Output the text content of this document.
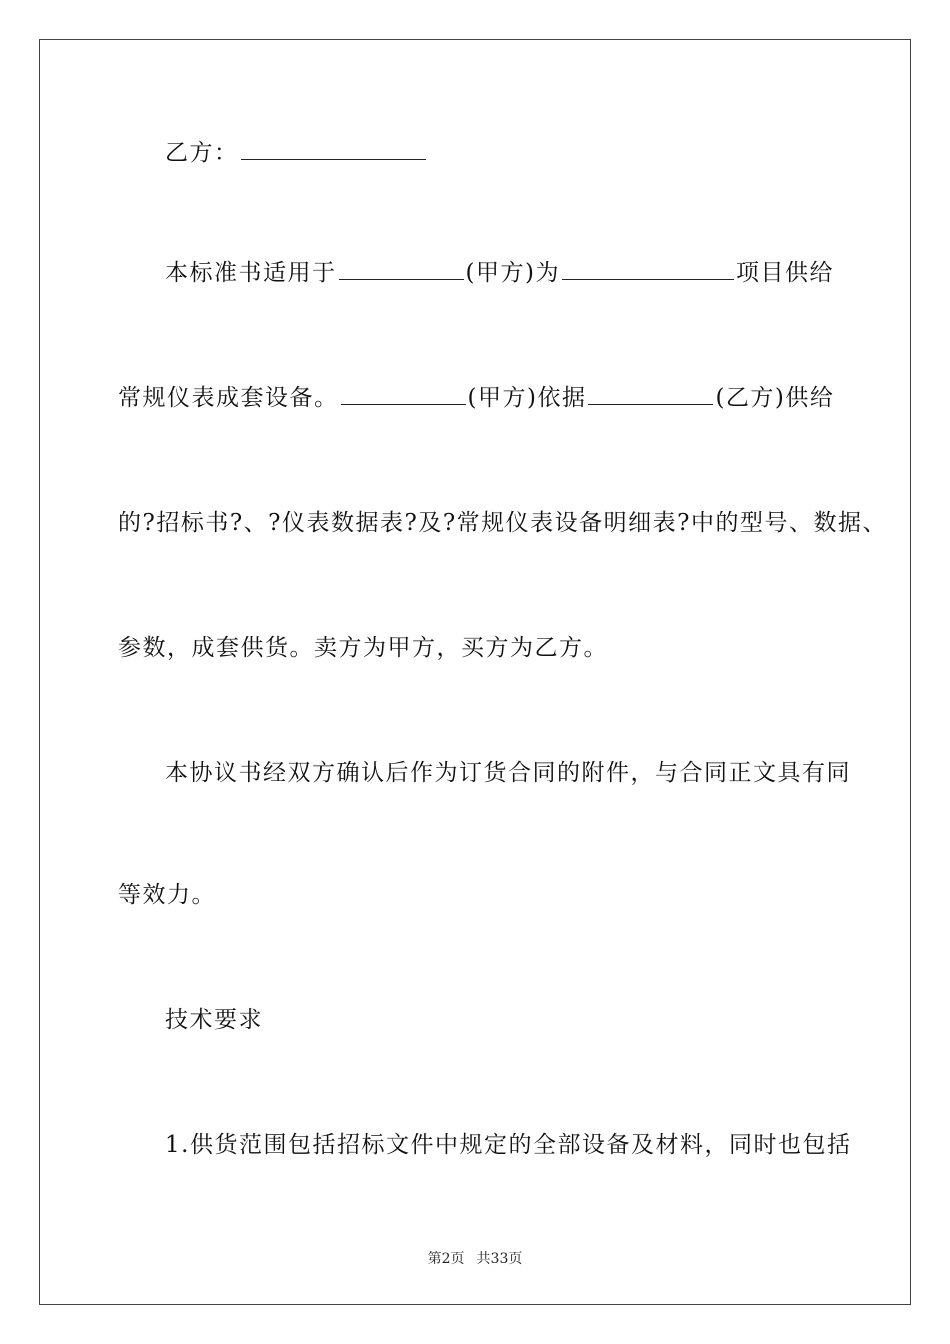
乙方：
本标准书适用于	(甲方)为	项目供给
常规仪表成套设备。	(甲方)依据	(乙方)供给
的?招标书?、?仪表数据表?及?常规仪表设备明细表?中的型号、数据、
参数，成套供货。卖方为甲方，买方为乙方。
本协议书经双方确认后作为订货合同的附件，与合同正文具有同
等效力。
技术要求
1.供货范围包括招标文件中规定的全部设备及材料，同时也包括
第2页 共33页
